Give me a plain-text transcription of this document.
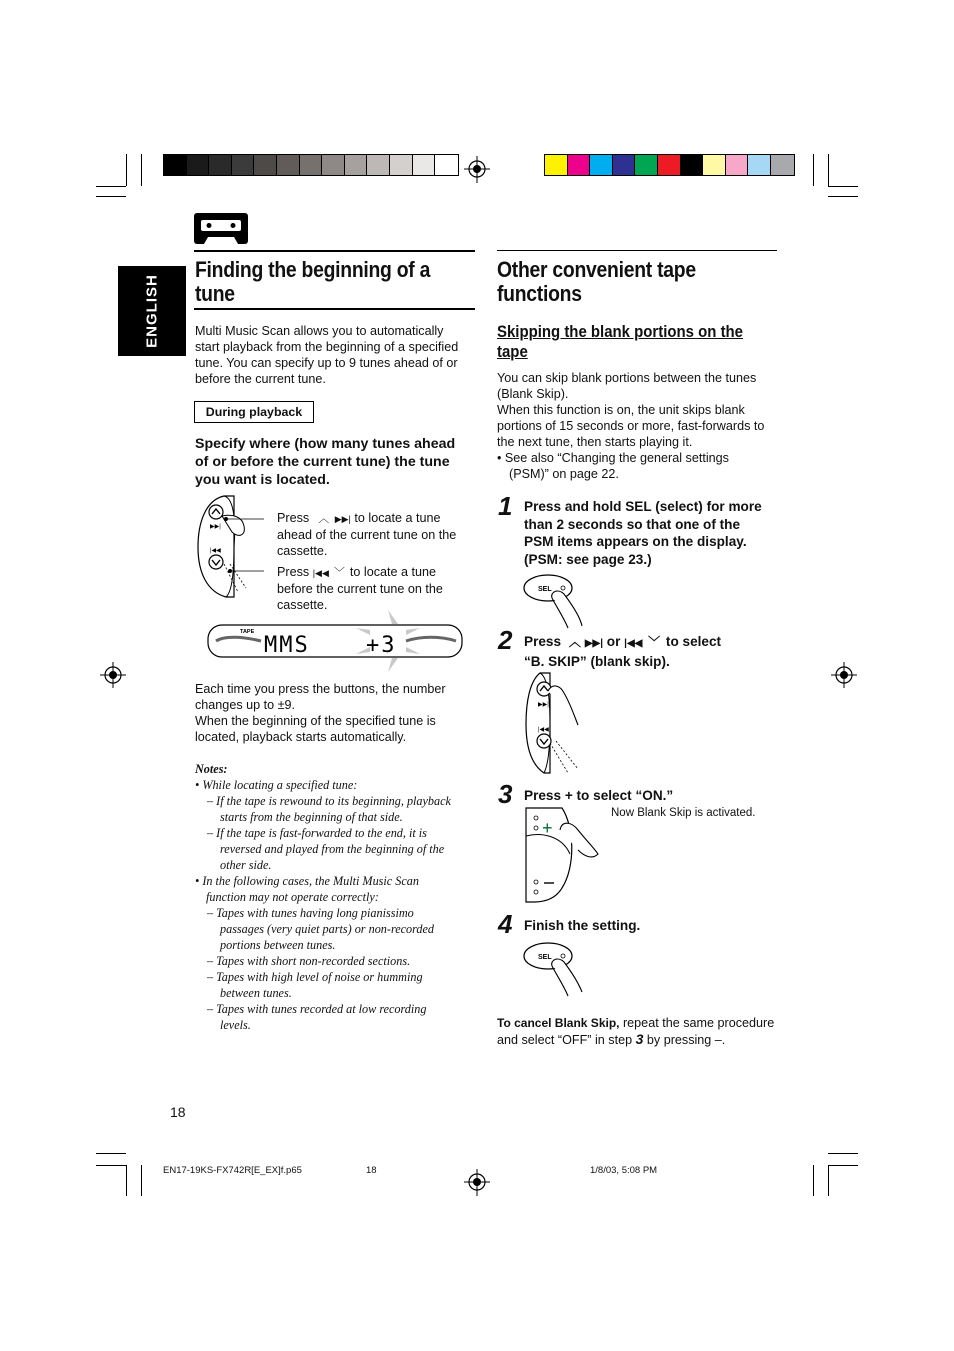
ENGLISH
Finding the beginning of a
tune
Multi Music Scan allows you to automatically
start playback from the beginning of a specified
tune. You can specify up to 9 tunes ahead of or
before the current tune.
During playback
Specify where (how many tunes ahead
of or before the current tune) the tune
you want is located.
▶▶|
|◀◀
Press ︿ ▶▶| to locate a tune
ahead of the current tune on the
cassette.
Press |◀◀ ﹀ to locate a tune
before the current tune on the
cassette.
TAPE
MMS	+3
Each time you press the buttons, the number
changes up to ±9.
When the beginning of the specified tune is
located, playback starts automatically.
Notes:
• While locating a specified tune:
– If the tape is rewound to its beginning, playback
starts from the beginning of that side.
– If the tape is fast-forwarded to the end, it is
reversed and played from the beginning of the
other side.
• In the following cases, the Multi Music Scan
function may not operate correctly:
– Tapes with tunes having long pianissimo
passages (very quiet parts) or non-recorded
portions between tunes.
– Tapes with short non-recorded sections.
– Tapes with high level of noise or humming
between tunes.
– Tapes with tunes recorded at low recording
levels.
Other convenient tape
functions
Skipping the blank portions on the
tape
You can skip blank portions between the tunes
(Blank Skip).
When this function is on, the unit skips blank
portions of 15 seconds or more, fast-forwards to
the next tune, then starts playing it.
• See also “Changing the general settings
(PSM)” on page 22.
1 Press and hold SEL (select) for more
than 2 seconds so that one of the
PSM items appears on the display.
(PSM: see page 23.)
SEL
2 Press ︿ ▶▶| or |◀◀ ﹀ to select
“B. SKIP” (blank skip).
▶▶|
|◀◀
3 Press + to select “ON.”
Now Blank Skip is activated.
+
4 Finish the setting.
SEL
To cancel Blank Skip, repeat the same procedure
and select “OFF” in step 3 by pressing –.
18
EN17-19KS-FX742R[E_EX]f.p65	18	1/8/03, 5:08 PM
